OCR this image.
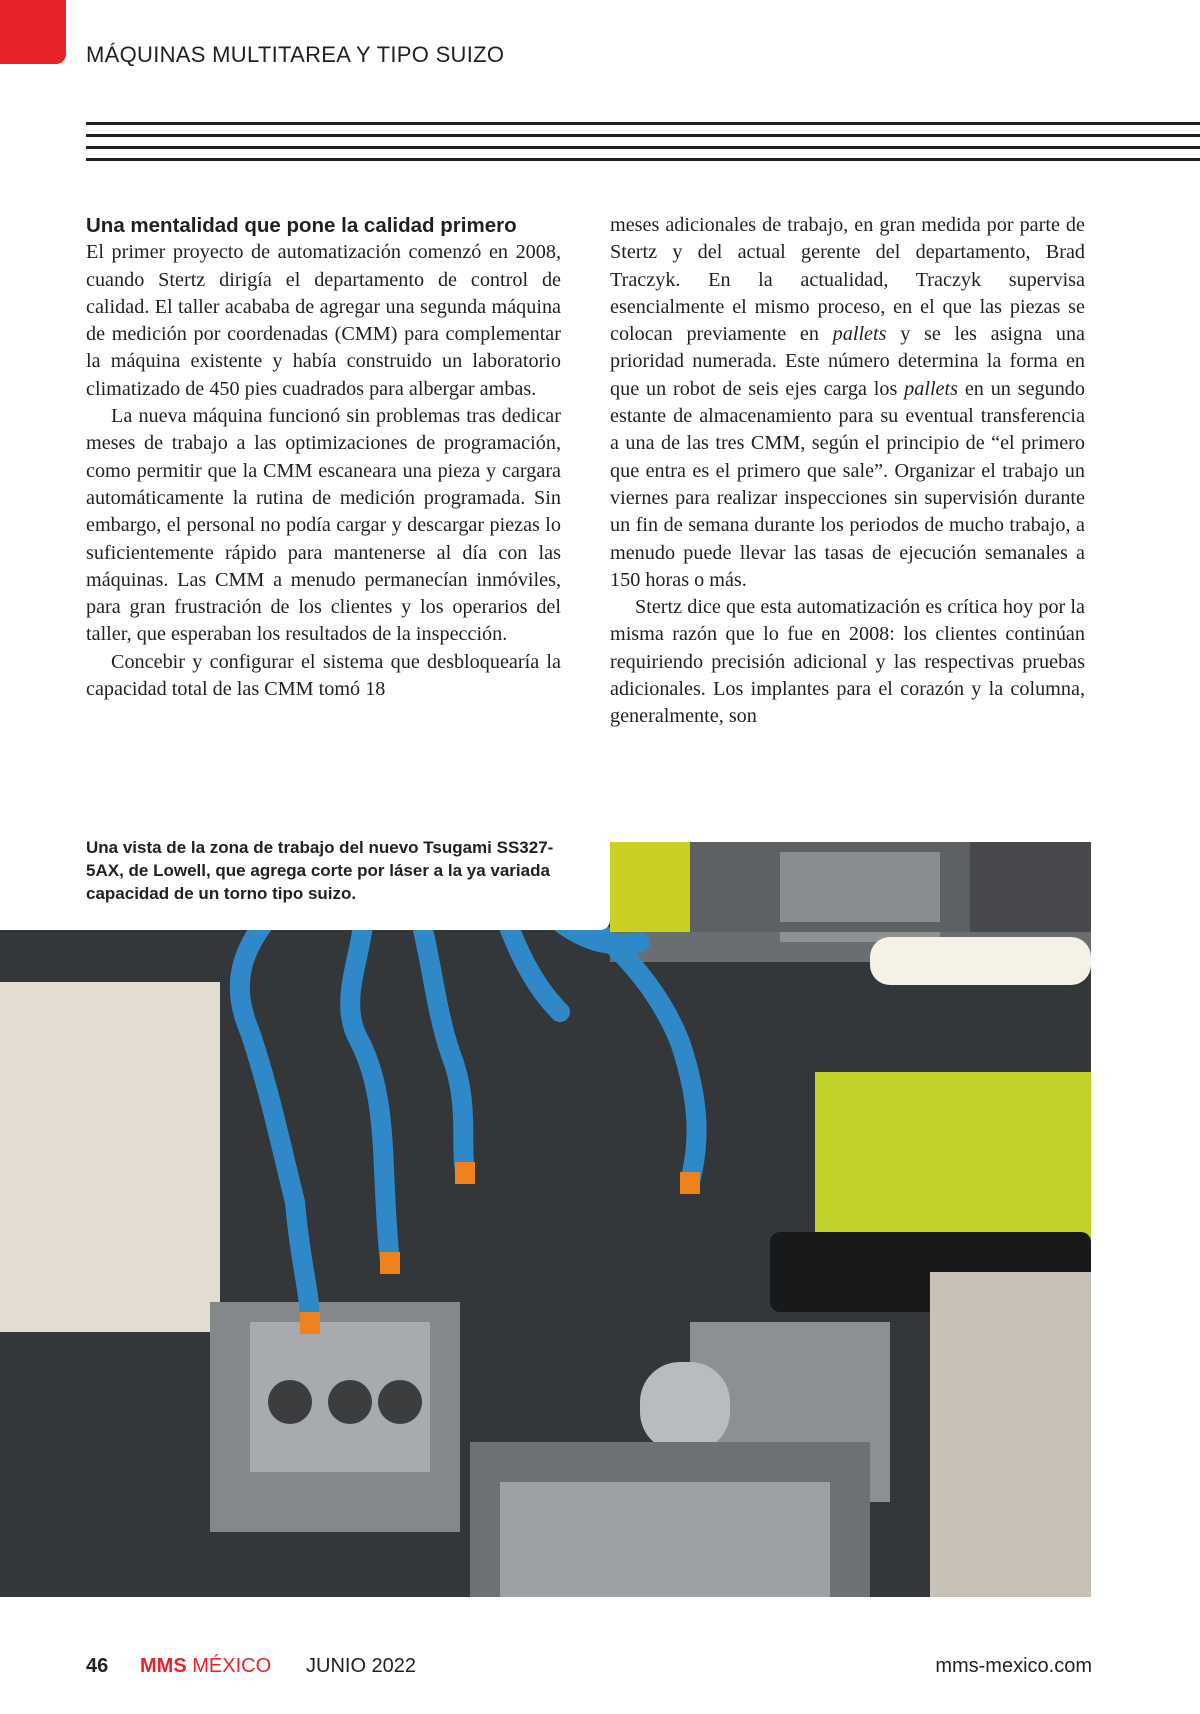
MÁQUINAS MULTITAREA Y TIPO SUIZO
Una mentalidad que pone la calidad primero

El primer proyecto de automatización comenzó en 2008, cuando Stertz dirigía el departamento de control de calidad. El taller acababa de agregar una segunda máquina de medición por coordenadas (CMM) para complementar la máquina existente y había construido un laboratorio climatizado de 450 pies cuadrados para albergar ambas.

La nueva máquina funcionó sin problemas tras dedicar meses de trabajo a las optimizaciones de programación, como permitir que la CMM escaneara una pieza y cargara automáticamente la rutina de medición programada. Sin embargo, el personal no podía cargar y descargar piezas lo suficientemente rápido para mantenerse al día con las máquinas. Las CMM a menudo permanecían inmóviles, para gran frustración de los clientes y los operarios del taller, que esperaban los resultados de la inspección.

Concebir y configurar el sistema que desbloquearía la capacidad total de las CMM tomó 18

meses adicionales de trabajo, en gran medida por parte de Stertz y del actual gerente del departamento, Brad Traczyk. En la actualidad, Traczyk supervisa esencialmente el mismo proceso, en el que las piezas se colocan previamente en pallets y se les asigna una prioridad numerada. Este número determina la forma en que un robot de seis ejes carga los pallets en un segundo estante de almacenamiento para su eventual transferencia a una de las tres CMM, según el principio de “el primero que entra es el primero que sale”. Organizar el trabajo un viernes para realizar inspecciones sin supervisión durante un fin de semana durante los periodos de mucho trabajo, a menudo puede llevar las tasas de ejecución semanales a 150 horas o más.

Stertz dice que esta automatización es crítica hoy por la misma razón que lo fue en 2008: los clientes continúan requiriendo precisión adicional y las respectivas pruebas adicionales. Los implantes para el corazón y la columna, generalmente, son

Una vista de la zona de trabajo del nuevo Tsugami SS327-5AX, de Lowell, que agrega corte por láser a la ya variada capacidad de un torno tipo suizo.
46 MMS MÉXICO JUNIO 2022	mms-mexico.com
